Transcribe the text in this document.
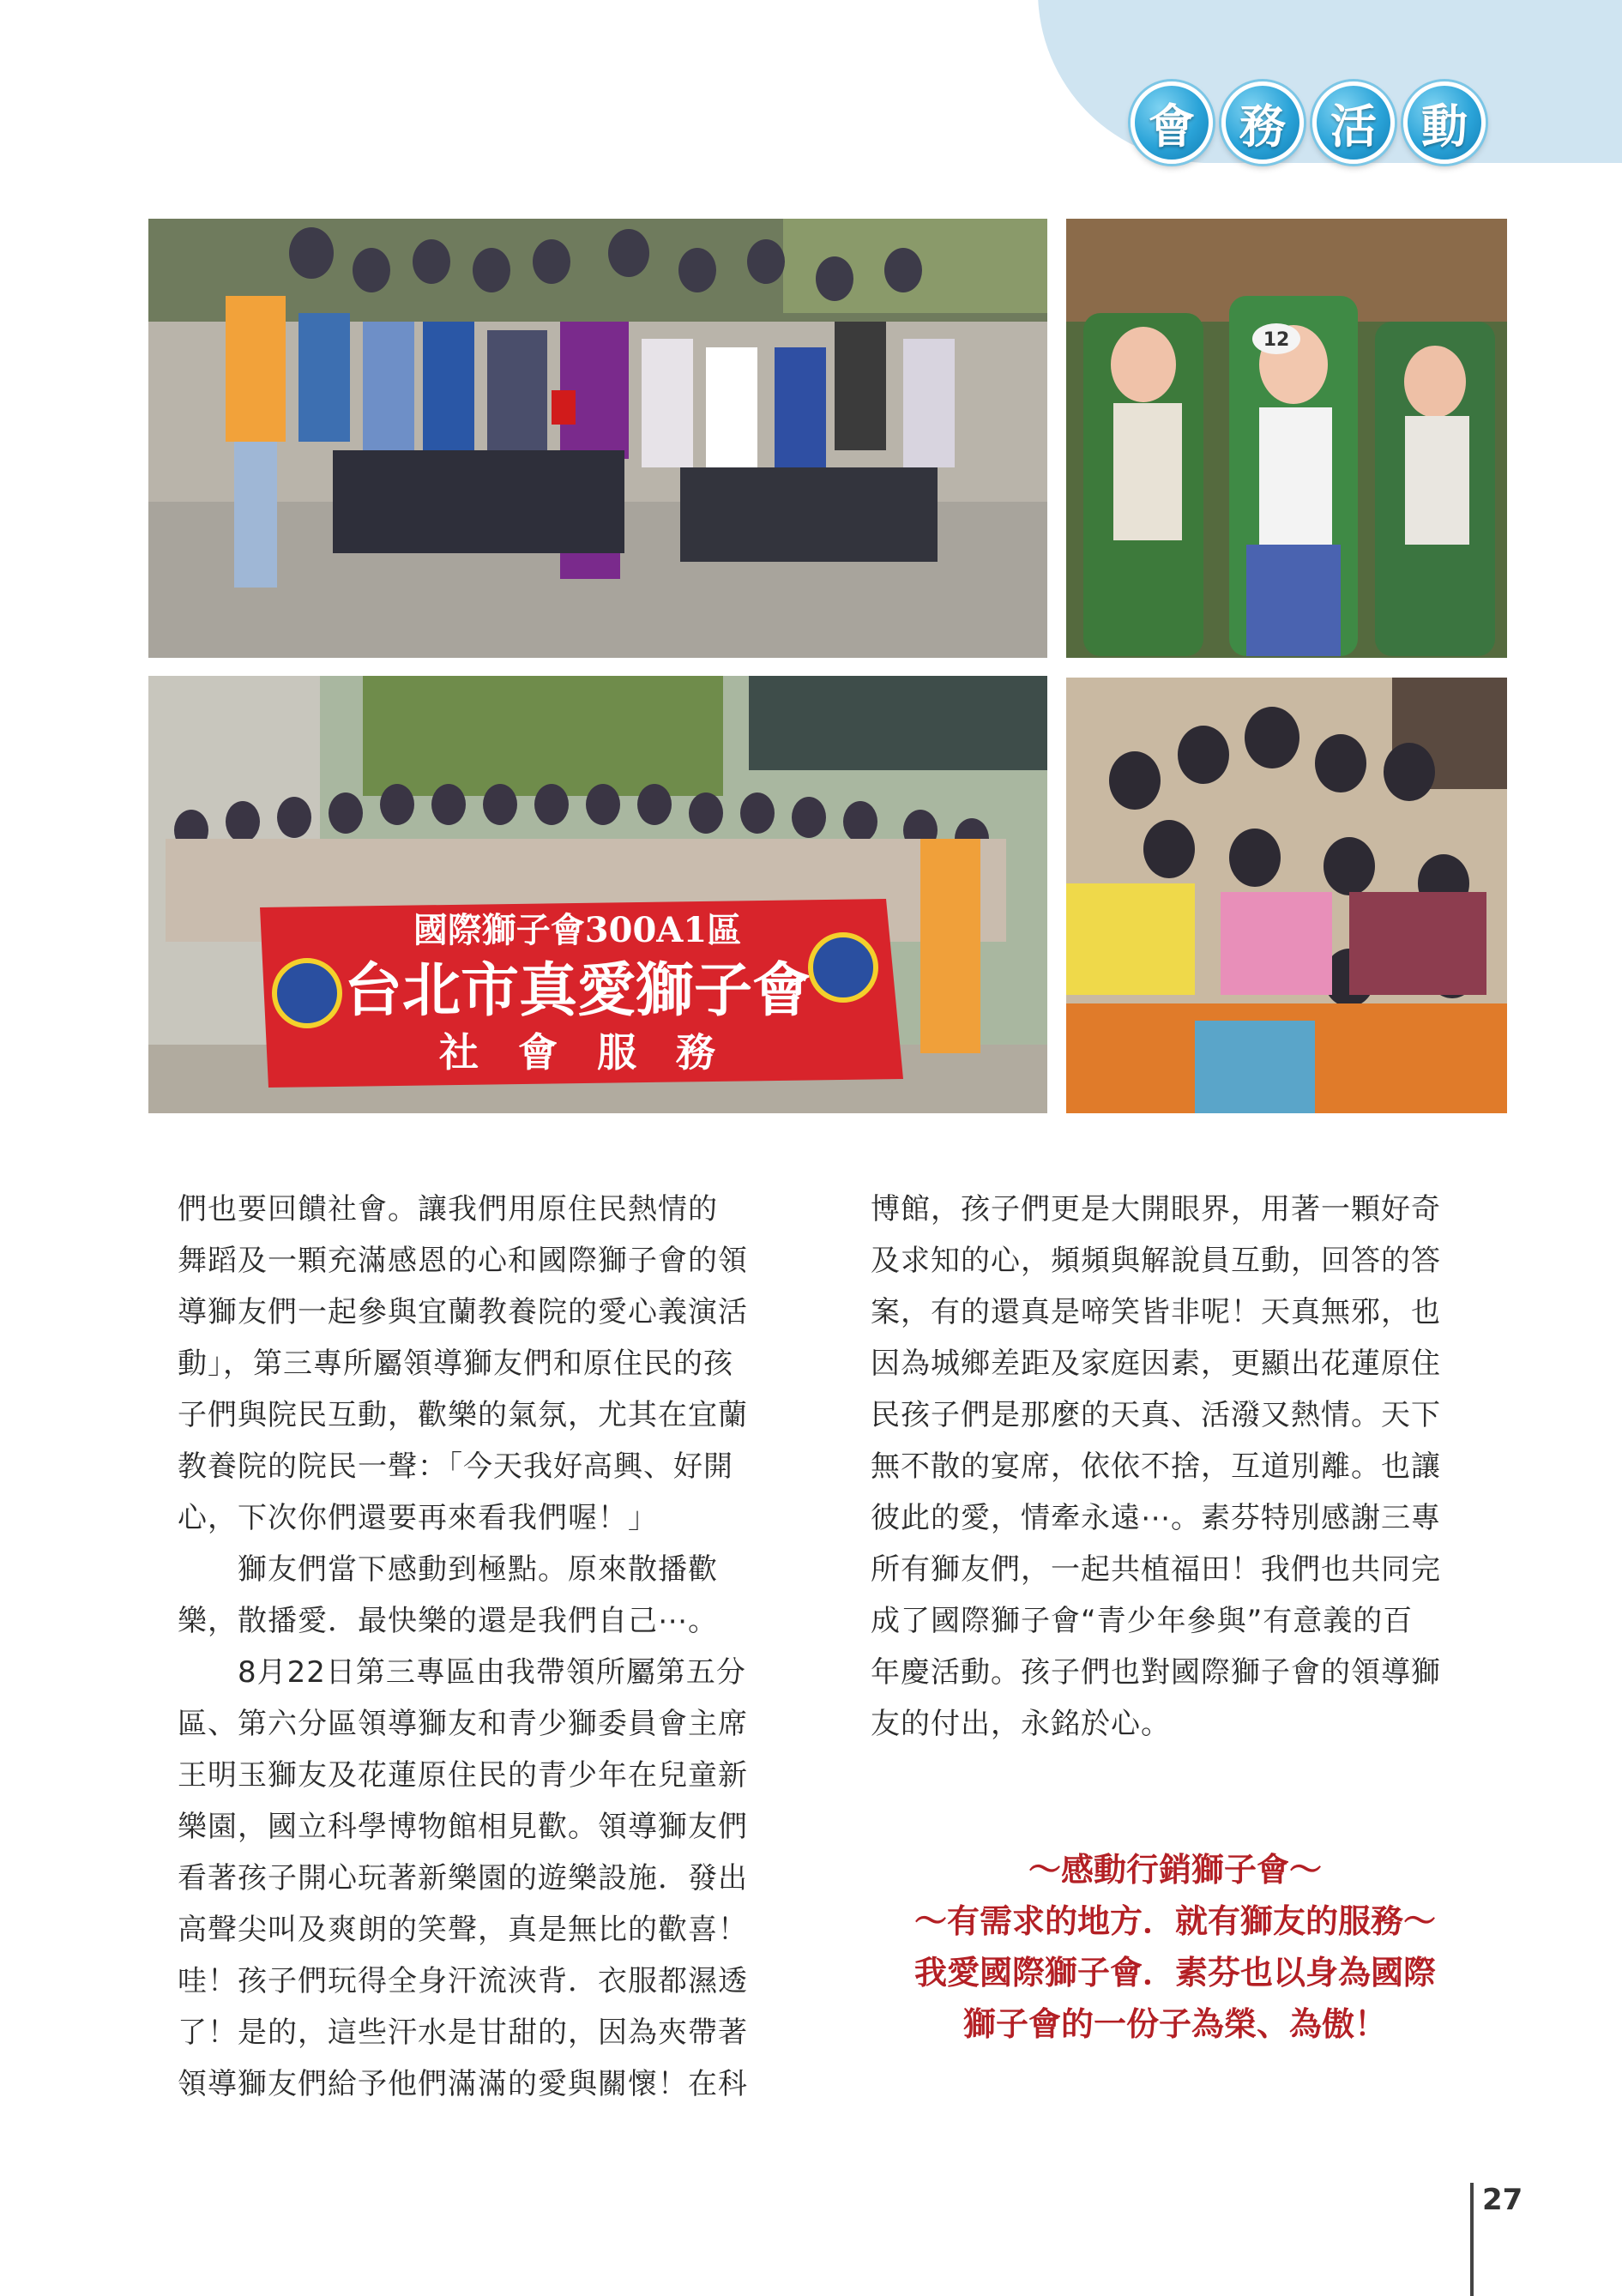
會 務 活 動
12
國際獅子會300A1區
台北市真愛獅子會
社　會　服　務

們也要回饋社會。讓我們用原住民熱情的

舞蹈及一顆充滿感恩的心和國際獅子會的領

導獅友們一起參與宜蘭教養院的愛心義演活

動」，第三專所屬領導獅友們和原住民的孩

子們與院民互動，歡樂的氣氛，尤其在宜蘭

教養院的院民一聲：「今天我好高興、好開

心，下次你們還要再來看我們喔！」

　　獅友們當下感動到極點。原來散播歡

樂，散播愛．最快樂的還是我們自己⋯。

　　8月22日第三專區由我帶領所屬第五分

區、第六分區領導獅友和青少獅委員會主席

王明玉獅友及花蓮原住民的青少年在兒童新

樂園，國立科學博物館相見歡。領導獅友們

看著孩子開心玩著新樂園的遊樂設施．發出

高聲尖叫及爽朗的笑聲，真是無比的歡喜！

哇！孩子們玩得全身汗流浹背．衣服都濕透

了！是的，這些汗水是甘甜的，因為夾帶著

領導獅友們給予他們滿滿的愛與關懷！在科

博館，孩子們更是大開眼界，用著一顆好奇

及求知的心，頻頻與解說員互動，回答的答

案，有的還真是啼笑皆非呢！天真無邪，也

因為城鄉差距及家庭因素，更顯出花蓮原住

民孩子們是那麼的天真、活潑又熱情。天下

無不散的宴席，依依不捨，互道別離。也讓

彼此的愛，情牽永遠⋯。素芬特別感謝三專

所有獅友們，一起共植福田！我們也共同完

成了國際獅子會“青少年參與”有意義的百

年慶活動。孩子們也對國際獅子會的領導獅

友的付出，永銘於心。

～感動行銷獅子會～

～有需求的地方．就有獅友的服務～

我愛國際獅子會．素芬也以身為國際

獅子會的一份子為榮、為傲！

27
